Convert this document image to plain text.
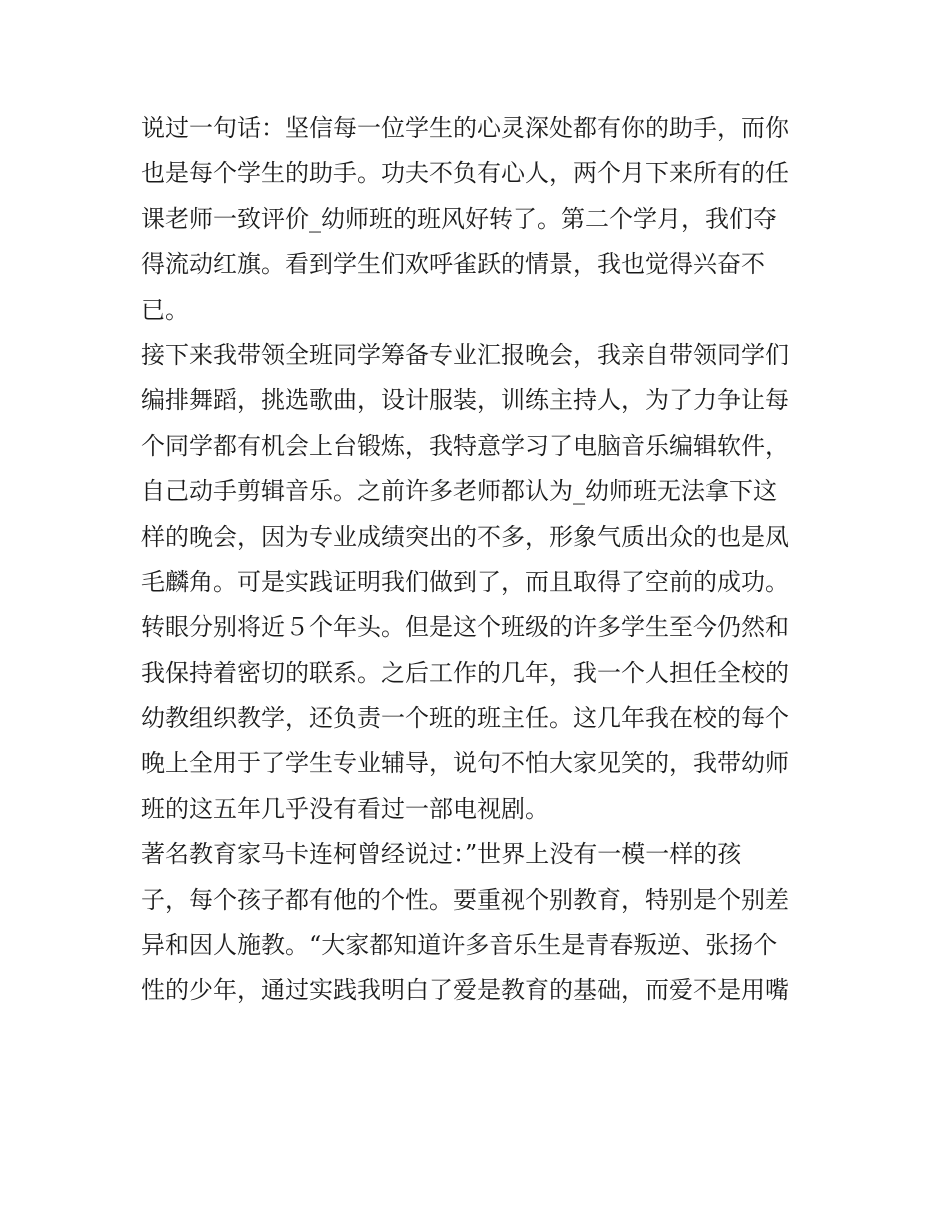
说过一句话：坚信每一位学生的心灵深处都有你的助手，而你
也是每个学生的助手。功夫不负有心人，两个月下来所有的任
课老师一致评价_幼师班的班风好转了。第二个学月，我们夺
得流动红旗。看到学生们欢呼雀跃的情景，我也觉得兴奋不
已。
接下来我带领全班同学筹备专业汇报晚会，我亲自带领同学们
编排舞蹈，挑选歌曲，设计服装，训练主持人，为了力争让每
个同学都有机会上台锻炼，我特意学习了电脑音乐编辑软件，
自己动手剪辑音乐。之前许多老师都认为_幼师班无法拿下这
样的晚会，因为专业成绩突出的不多，形象气质出众的也是凤
毛麟角。可是实践证明我们做到了，而且取得了空前的成功。
转眼分别将近５个年头。但是这个班级的许多学生至今仍然和
我保持着密切的联系。之后工作的几年，我一个人担任全校的
幼教组织教学，还负责一个班的班主任。这几年我在校的每个
晚上全用于了学生专业辅导，说句不怕大家见笑的，我带幼师
班的这五年几乎没有看过一部电视剧。
著名教育家马卡连柯曾经说过：”世界上没有一模一样的孩
子，每个孩子都有他的个性。要重视个别教育，特别是个别差
异和因人施教。“大家都知道许多音乐生是青春叛逆、张扬个
性的少年，通过实践我明白了爱是教育的基础，而爱不是用嘴
